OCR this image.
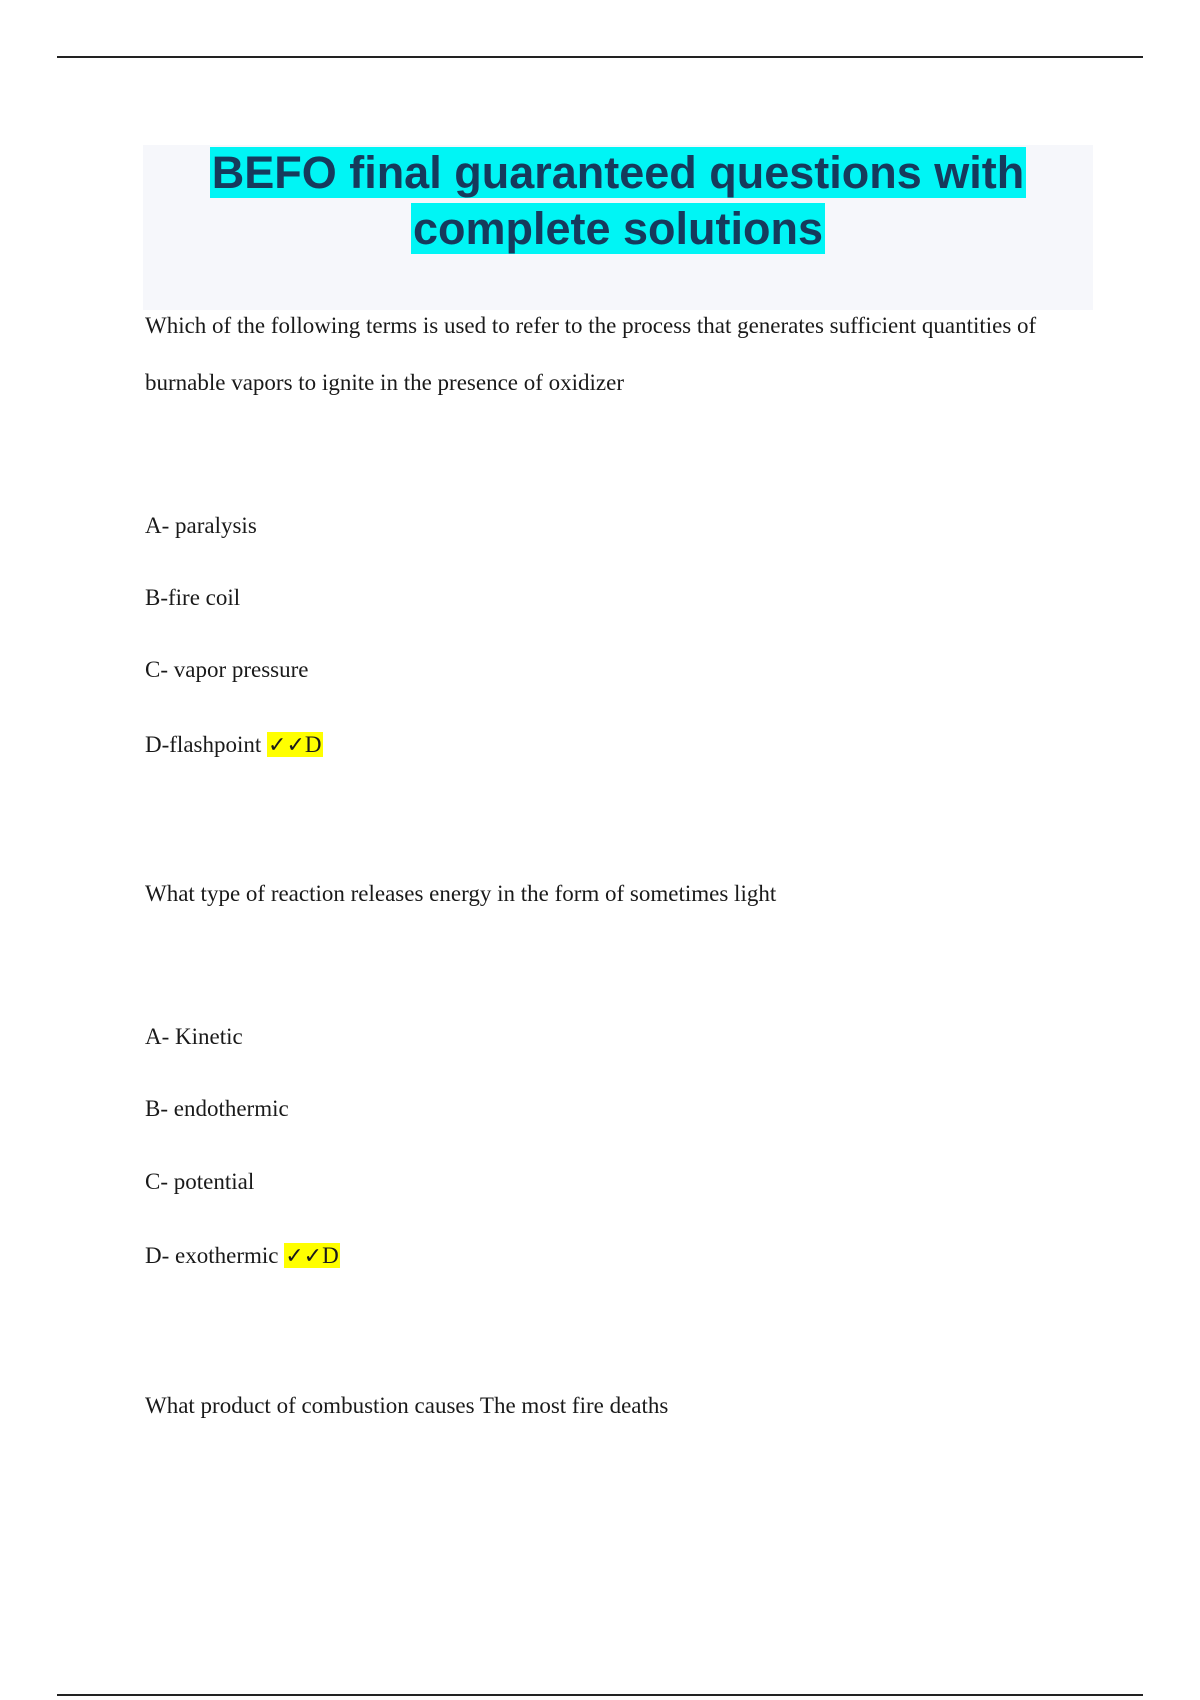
BEFO final guaranteed questions with
complete solutions

Which of the following terms is used to refer to the process that generates sufficient quantities of burnable vapors to ignite in the presence of oxidizer

A- paralysis

B-fire coil

C- vapor pressure

D-flashpoint ✓✓D

What type of reaction releases energy in the form of sometimes light

A- Kinetic

B- endothermic

C- potential

D- exothermic ✓✓D

What product of combustion causes The most fire deaths
